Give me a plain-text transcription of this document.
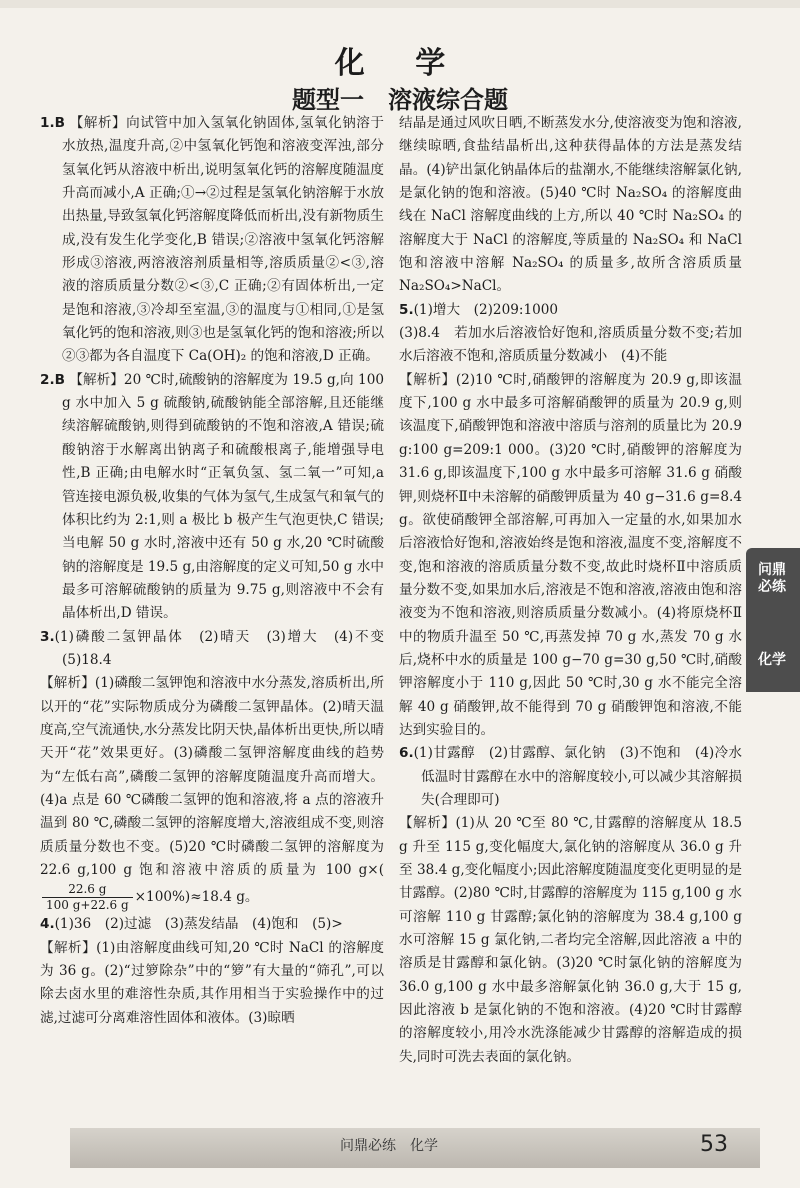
化 学
题型一　溶液综合题

1.B 【解析】向试管中加入氢氧化钠固体,氢氧化钠溶于水放热,温度升高,②中氢氧化钙饱和溶液变浑浊,部分氢氧化钙从溶液中析出,说明氢氧化钙的溶解度随温度升高而减小,A 正确;①→②过程是氢氧化钠溶解于水放出热量,导致氢氧化钙溶解度降低而析出,没有新物质生成,没有发生化学变化,B 错误;②溶液中氢氧化钙溶解形成③溶液,两溶液溶剂质量相等,溶质质量②<③,溶液的溶质质量分数②<③,C 正确;②有固体析出,一定是饱和溶液,③冷却至室温,③的温度与①相同,①是氢氧化钙的饱和溶液,则③也是氢氧化钙的饱和溶液;所以②③都为各自温度下 Ca(OH)₂ 的饱和溶液,D 正确。

2.B 【解析】20 ℃时,硫酸钠的溶解度为 19.5 g,向 100 g 水中加入 5 g 硫酸钠,硫酸钠能全部溶解,且还能继续溶解硫酸钠,则得到硫酸钠的不饱和溶液,A 错误;硫酸钠溶于水解离出钠离子和硫酸根离子,能增强导电性,B 正确;由电解水时“正氧负氢、氢二氧一”可知,a 管连接电源负极,收集的气体为氢气,生成氢气和氧气的体积比约为 2:1,则 a 极比 b 极产生气泡更快,C 错误;当电解 50 g 水时,溶液中还有 50 g 水,20 ℃时硫酸钠的溶解度是 19.5 g,由溶解度的定义可知,50 g 水中最多可溶解硫酸钠的质量为 9.75 g,则溶液中不会有晶体析出,D 错误。

3.(1)磷酸二氢钾晶体　(2)晴天　(3)增大　(4)不变　(5)18.4

【解析】(1)磷酸二氢钾饱和溶液中水分蒸发,溶质析出,所以开的“花”实际物质成分为磷酸二氢钾晶体。(2)晴天温度高,空气流通快,水分蒸发比阴天快,晶体析出更快,所以晴天开“花”效果更好。(3)磷酸二氢钾溶解度曲线的趋势为“左低右高”,磷酸二氢钾的溶解度随温度升高而增大。(4)a 点是 60 ℃磷酸二氢钾的饱和溶液,将 a 点的溶液升温到 80 ℃,磷酸二氢钾的溶解度增大,溶液组成不变,则溶质质量分数也不变。(5)20 ℃时磷酸二氢钾的溶解度为 22.6 g,100 g 饱和溶液中溶质的质量为 100 g×(
$\frac{22.6 g}{100 g+22.6 g} \times 100\%)\approx 18.4$ g。

4.(1)36　(2)过滤　(3)蒸发结晶　(4)饱和　(5)>

【解析】(1)由溶解度曲线可知,20 ℃时 NaCl 的溶解度为 36 g。(2)“过箩除杂”中的“箩”有大量的“筛孔”,可以除去卤水里的难溶性杂质,其作用相当于实验操作中的过滤,过滤可分离难溶性固体和液体。(3)晾晒

结晶是通过风吹日晒,不断蒸发水分,使溶液变为饱和溶液,继续晾晒,食盐结晶析出,这种获得晶体的方法是蒸发结晶。(4)铲出氯化钠晶体后的盐潮水,不能继续溶解氯化钠,是氯化钠的饱和溶液。(5)40 ℃时 Na₂SO₄ 的溶解度曲线在 NaCl 溶解度曲线的上方,所以 40 ℃时 Na₂SO₄ 的溶解度大于 NaCl 的溶解度,等质量的 Na₂SO₄ 和 NaCl 饱和溶液中溶解 Na₂SO₄ 的质量多,故所含溶质质量 Na₂SO₄>NaCl。

5.(1)增大　(2)209:1000

(3)8.4　若加水后溶液恰好饱和,溶质质量分数不变;若加水后溶液不饱和,溶质质量分数减小　(4)不能

【解析】(2)10 ℃时,硝酸钾的溶解度为 20.9 g,即该温度下,100 g 水中最多可溶解硝酸钾的质量为 20.9 g,则该温度下,硝酸钾饱和溶液中溶质与溶剂的质量比为 20.9 g:100 g=209:1 000。(3)20 ℃时,硝酸钾的溶解度为 31.6 g,即该温度下,100 g 水中最多可溶解 31.6 g 硝酸钾,则烧杯Ⅱ中未溶解的硝酸钾质量为 40 g−31.6 g=8.4 g。欲使硝酸钾全部溶解,可再加入一定量的水,如果加水后溶液恰好饱和,溶液始终是饱和溶液,温度不变,溶解度不变,饱和溶液的溶质质量分数不变,故此时烧杯Ⅱ中溶质质量分数不变,如果加水后,溶液是不饱和溶液,溶液由饱和溶液变为不饱和溶液,则溶质质量分数减小。(4)将原烧杯Ⅱ中的物质升温至 50 ℃,再蒸发掉 70 g 水,蒸发 70 g 水后,烧杯中水的质量是 100 g−70 g=30 g,50 ℃时,硝酸钾溶解度小于 110 g,因此 50 ℃时,30 g 水不能完全溶解 40 g 硝酸钾,故不能得到 70 g 硝酸钾饱和溶液,不能达到实验目的。

6.(1)甘露醇　(2)甘露醇、氯化钠　(3)不饱和　(4)冷水　低温时甘露醇在水中的溶解度较小,可以减少其溶解损失(合理即可)

【解析】(1)从 20 ℃至 80 ℃,甘露醇的溶解度从 18.5 g 升至 115 g,变化幅度大,氯化钠的溶解度从 36.0 g 升至 38.4 g,变化幅度小;因此溶解度随温度变化更明显的是甘露醇。(2)80 ℃时,甘露醇的溶解度为 115 g,100 g 水可溶解 110 g 甘露醇;氯化钠的溶解度为 38.4 g,100 g 水可溶解 15 g 氯化钠,二者均完全溶解,因此溶液 a 中的溶质是甘露醇和氯化钠。(3)20 ℃时氯化钠的溶解度为 36.0 g,100 g 水中最多溶解氯化钠 36.0 g,大于 15 g,因此溶液 b 是氯化钠的不饱和溶液。(4)20 ℃时甘露醇的溶解度较小,用冷水洗涤能减少甘露醇的溶解造成的损失,同时可洗去表面的氯化钠。

问鼎必练
化学
问鼎必练　化学	53
